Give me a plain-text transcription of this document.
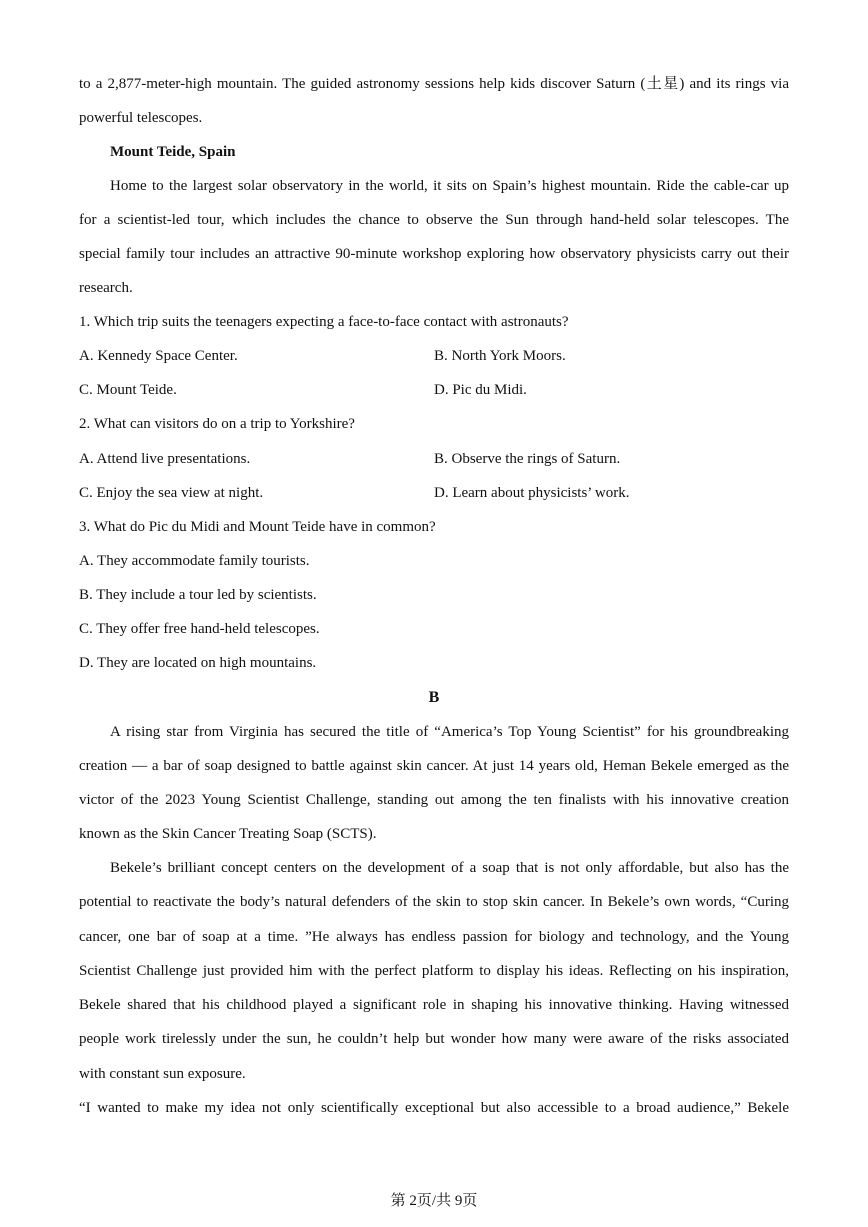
to a 2,877-meter-high mountain. The guided astronomy sessions help kids discover Saturn (土星) and its rings via
powerful telescopes.
Mount Teide, Spain
Home to the largest solar observatory in the world, it sits on Spain’s highest mountain. Ride the cable-car up
for a scientist-led tour, which includes the chance to observe the Sun through hand-held solar telescopes. The
special family tour includes an attractive 90-minute workshop exploring how observatory physicists carry out their
research.
1. Which trip suits the teenagers expecting a face-to-face contact with astronauts?
A. Kennedy Space Center.	B. North York Moors.
C. Mount Teide.	D. Pic du Midi.
2. What can visitors do on a trip to Yorkshire?
A. Attend live presentations.	B. Observe the rings of Saturn.
C. Enjoy the sea view at night.	D. Learn about physicists’ work.
3. What do Pic du Midi and Mount Teide have in common?
A. They accommodate family tourists.
B. They include a tour led by scientists.
C. They offer free hand-held telescopes.
D. They are located on high mountains.
B
A rising star from Virginia has secured the title of “America’s Top Young Scientist” for his groundbreaking
creation — a bar of soap designed to battle against skin cancer. At just 14 years old, Heman Bekele emerged as the
victor of the 2023 Young Scientist Challenge, standing out among the ten finalists with his innovative creation
known as the Skin Cancer Treating Soap (SCTS).
Bekele’s brilliant concept centers on the development of a soap that is not only affordable, but also has the
potential to reactivate the body’s natural defenders of the skin to stop skin cancer. In Bekele’s own words, “Curing
cancer, one bar of soap at a time. ”He always has endless passion for biology and technology, and the Young
Scientist Challenge just provided him with the perfect platform to display his ideas. Reflecting on his inspiration,
Bekele shared that his childhood played a significant role in shaping his innovative thinking. Having witnessed
people work tirelessly under the sun, he couldn’t help but wonder how many were aware of the risks associated
with constant sun exposure.
“I wanted to make my idea not only scientifically exceptional but also accessible to a broad audience,” Bekele
第 2页/共 9页
